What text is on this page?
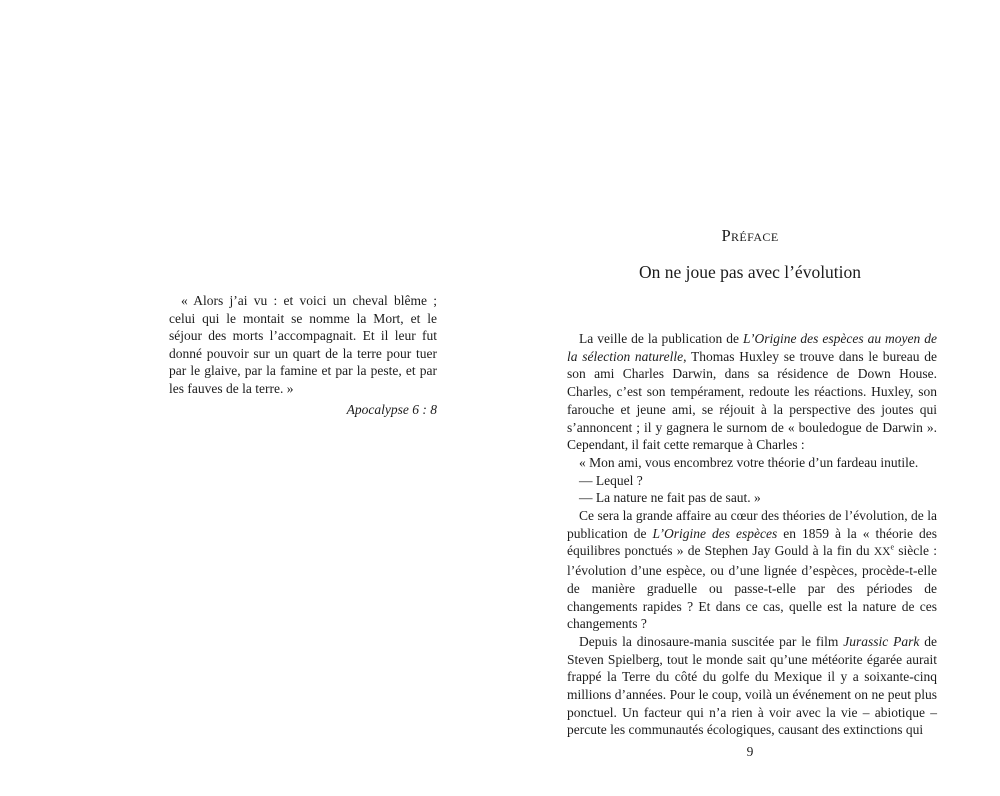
« Alors j’ai vu : et voici un cheval blême ; celui qui le montait se nomme la Mort, et le séjour des morts l’accompagnait. Et il leur fut donné pouvoir sur un quart de la terre pour tuer par le glaive, par la famine et par la peste, et par les fauves de la terre. »

Apocalypse 6 : 8
Préface
On ne joue pas avec l’évolution

La veille de la publication de L’Origine des espèces au moyen de la sélection naturelle, Thomas Huxley se trouve dans le bureau de son ami Charles Darwin, dans sa résidence de Down House. Charles, c’est son tempérament, redoute les réactions. Huxley, son farouche et jeune ami, se réjouit à la perspective des joutes qui s’annoncent ; il y gagnera le surnom de « bouledogue de Darwin ». Cependant, il fait cette remarque à Charles :

« Mon ami, vous encombrez votre théorie d’un fardeau inutile.

— Lequel ?

— La nature ne fait pas de saut. »

Ce sera la grande affaire au cœur des théories de l’évolution, de la publication de L’Origine des espèces en 1859 à la « théorie des équilibres ponctués » de Stephen Jay Gould à la fin du XXe siècle : l’évolution d’une espèce, ou d’une lignée d’espèces, procède-t-elle de manière graduelle ou passe-t-elle par des périodes de changements rapides ? Et dans ce cas, quelle est la nature de ces changements ?

Depuis la dinosaure-mania suscitée par le film Jurassic Park de Steven Spielberg, tout le monde sait qu’une météorite égarée aurait frappé la Terre du côté du golfe du Mexique il y a soixante-cinq millions d’années. Pour le coup, voilà un événement on ne peut plus ponctuel. Un facteur qui n’a rien à voir avec la vie – abiotique – percute les communautés écologiques, causant des extinctions qui

9
